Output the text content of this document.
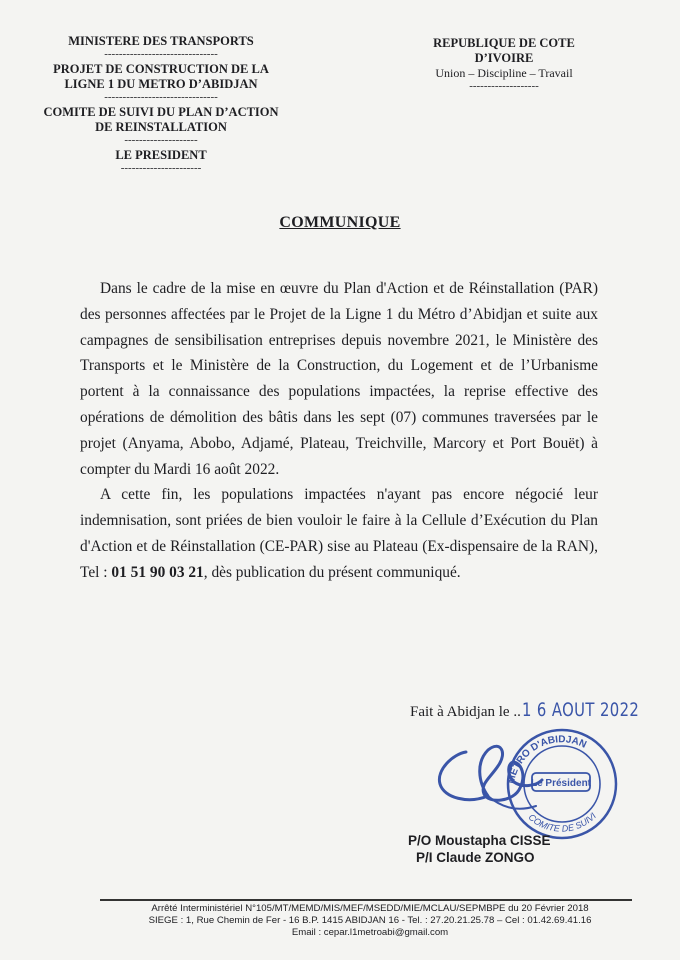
MINISTERE DES TRANSPORTS
-------------------------------
PROJET DE CONSTRUCTION DE LA
LIGNE 1 DU METRO D’ABIDJAN
-------------------------------
COMITE DE SUIVI DU PLAN D’ACTION
DE REINSTALLATION
--------------------
LE PRESIDENT
----------------------
REPUBLIQUE DE COTE D’IVOIRE
Union – Discipline – Travail
-------------------
COMMUNIQUE

Dans le cadre de la mise en œuvre du Plan d'Action et de Réinstallation (PAR) des personnes affectées par le Projet de la Ligne 1 du Métro d’Abidjan et suite aux campagnes de sensibilisation entreprises depuis novembre 2021, le Ministère des Transports et le Ministère de la Construction, du Logement et de l’Urbanisme portent à la connaissance des populations impactées, la reprise effective des opérations de démolition des bâtis dans les sept (07) communes traversées par le projet (Anyama, Abobo, Adjamé, Plateau, Treichville, Marcory et Port Bouët) à compter du Mardi 16 août 2022.

A cette fin, les populations impactées n'ayant pas encore négocié leur indemnisation, sont priées de bien vouloir le faire à la Cellule d’Exécution du Plan d'Action et de Réinstallation (CE-PAR) sise au Plateau (Ex-dispensaire de la RAN), Tel : 01 51 90 03 21, dès publication du présent communiqué.

Fait à Abidjan le .. 1 6 AOUT 2022
METRO D'ABIDJAN
COMITE DE SUIVI
Le Président
P/O Moustapha CISSE
P/I Claude ZONGO
Arrêté Interministériel N°105/MT/MEMD/MIS/MEF/MSEDD/MIE/MCLAU/SEPMBPE du 20 Février 2018
SIEGE : 1, Rue Chemin de Fer - 16 B.P. 1415 ABIDJAN 16 - Tel. : 27.20.21.25.78 – Cel : 01.42.69.41.16
Email : cepar.l1metroabi@gmail.com
